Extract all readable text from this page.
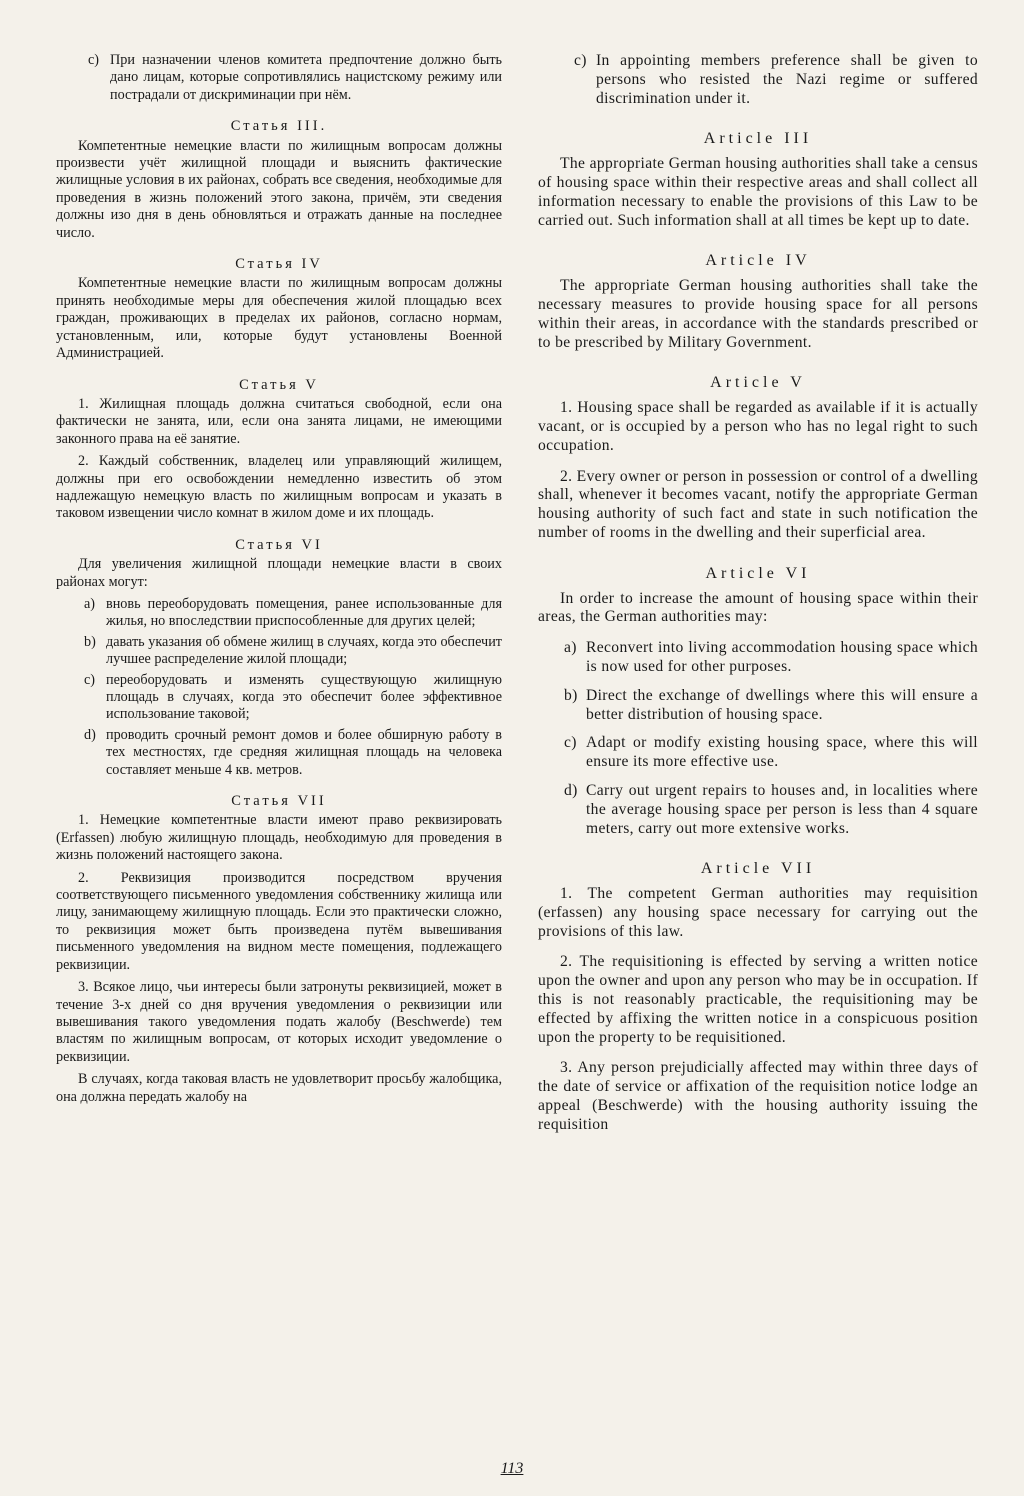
c) При назначении членов комитета предпочтение должно быть дано лицам, которые сопротивлялись нацистскому режиму или пострадали от дискриминации при нём.
Статья III.

Компетентные немецкие власти по жилищным вопросам должны произвести учёт жилищной площади и выяснить фактические жилищные условия в их районах, собрать все сведения, необходимые для проведения в жизнь положений этого закона, причём, эти сведения должны изо дня в день обновляться и отражать данные на последнее число.

Статья IV

Компетентные немецкие власти по жилищным вопросам должны принять необходимые меры для обеспечения жилой площадью всех граждан, проживающих в пределах их районов, согласно нормам, установленным, или, которые будут установлены Военной Администрацией.

Статья V

1. Жилищная площадь должна считаться свободной, если она фактически не занята, или, если она занята лицами, не имеющими законного права на её занятие.

2. Каждый собственник, владелец или управляющий жилищем, должны при его освобождении немедленно известить об этом надлежащую немецкую власть по жилищным вопросам и указать в таковом извещении число комнат в жилом доме и их площадь.

Статья VI

Для увеличения жилищной площади немецкие власти в своих районах могут:

a) вновь переоборудовать помещения, ранее использованные для жилья, но впоследствии приспособленные для других целей;
b) давать указания об обмене жилищ в случаях, когда это обеспечит лучшее распределение жилой площади;
c) переоборудовать и изменять существующую жилищную площадь в случаях, когда это обеспечит более эффективное использование таковой;
d) проводить срочный ремонт домов и более обширную работу в тех местностях, где средняя жилищная площадь на человека составляет меньше 4 кв. метров.
Статья VII

1. Немецкие компетентные власти имеют право реквизировать (Erfassen) любую жилищную площадь, необходимую для проведения в жизнь положений настоящего закона.

2. Реквизиция производится посредством вручения соответствующего письменного уведомления собственнику жилища или лицу, занимающему жилищную площадь. Если это практически сложно, то реквизиция может быть произведена путём вывешивания письменного уведомления на видном месте помещения, подлежащего реквизиции.

3. Всякое лицо, чьи интересы были затронуты реквизицией, может в течение 3-х дней со дня вручения уведомления о реквизиции или вывешивания такого уведомления подать жалобу (Beschwerde) тем властям по жилищным вопросам, от которых исходит уведомление о реквизиции.

В случаях, когда таковая власть не удовлетворит просьбу жалобщика, она должна передать жалобу на

c) In appointing members preference shall be given to persons who resisted the Nazi regime or suffered discrimination under it.
Article III

The appropriate German housing authorities shall take a census of housing space within their respective areas and shall collect all information necessary to enable the provisions of this Law to be carried out. Such information shall at all times be kept up to date.

Article IV

The appropriate German housing authorities shall take the necessary measures to provide housing space for all persons within their areas, in accordance with the standards prescribed or to be prescribed by Military Government.

Article V

1. Housing space shall be regarded as available if it is actually vacant, or is occupied by a person who has no legal right to such occupation.

2. Every owner or person in possession or control of a dwelling shall, whenever it becomes vacant, notify the appropriate German housing authority of such fact and state in such notification the number of rooms in the dwelling and their superficial area.

Article VI

In order to increase the amount of housing space within their areas, the German authorities may:

a) Reconvert into living accommodation housing space which is now used for other purposes.
b) Direct the exchange of dwellings where this will ensure a better distribution of housing space.
c) Adapt or modify existing housing space, where this will ensure its more effective use.
d) Carry out urgent repairs to houses and, in localities where the average housing space per person is less than 4 square meters, carry out more extensive works.
Article VII

1. The competent German authorities may requisition (erfassen) any housing space necessary for carrying out the provisions of this law.

2. The requisitioning is effected by serving a written notice upon the owner and upon any person who may be in occupation. If this is not reasonably practicable, the requisitioning may be effected by affixing the written notice in a conspicuous position upon the property to be requisitioned.

3. Any person prejudicially affected may within three days of the date of service or affixation of the requisition notice lodge an appeal (Beschwerde) with the housing authority issuing the requisition

113
